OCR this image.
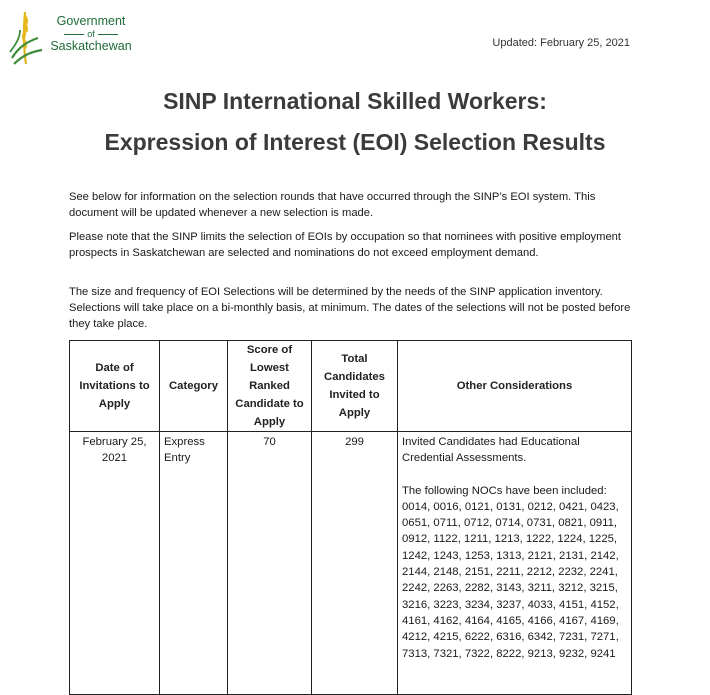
Government
of
Saskatchewan	Updated: February 25, 2021
SINP International Skilled Workers:
Expression of Interest (EOI) Selection Results

See below for information on the selection rounds that have occurred through the SINP’s EOI system. This document will be updated whenever a new selection is made.

Please note that the SINP limits the selection of EOIs by occupation so that nominees with positive employment prospects in Saskatchewan are selected and nominations do not exceed employment demand.

The size and frequency of EOI Selections will be determined by the needs of the SINP application inventory. Selections will take place on a bi-monthly basis, at minimum. The dates of the selections will not be posted before they take place.

Date of Invitations to Apply	Category	Score of Lowest Ranked Candidate to Apply	Total Candidates Invited to Apply	Other Considerations
February 25, 2021	Express Entry	70	299	Invited Candidates had Educational Credential Assessments.
The following NOCs have been included: 0014, 0016, 0121, 0131, 0212, 0421, 0423, 0651, 0711, 0712, 0714, 0731, 0821, 0911, 0912, 1122, 1211, 1213, 1222, 1224, 1225, 1242, 1243, 1253, 1313, 2121, 2131, 2142, 2144, 2148, 2151, 2211, 2212, 2232, 2241, 2242, 2263, 2282, 3143, 3211, 3212, 3215, 3216, 3223, 3234, 3237, 4033, 4151, 4152, 4161, 4162, 4164, 4165, 4166, 4167, 4169, 4212, 4215, 6222, 6316, 6342, 7231, 7271, 7313, 7321, 7322, 8222, 9213, 9232, 9241
